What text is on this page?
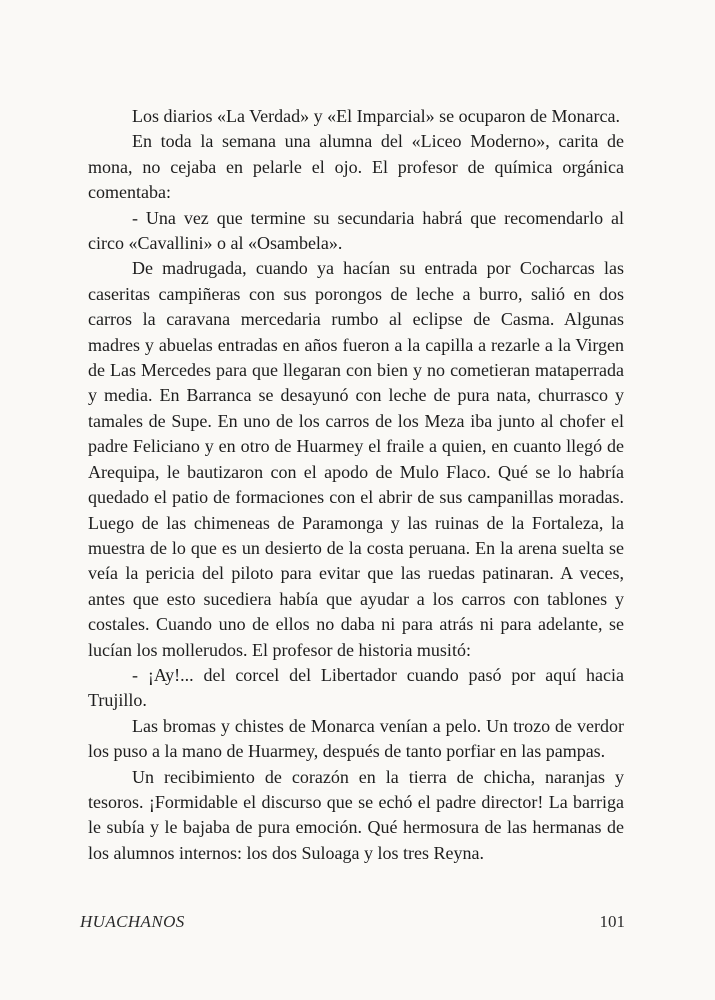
Los diarios «La Verdad» y «El Imparcial» se ocuparon de Monarca.

En toda la semana una alumna del «Liceo Moderno», carita de mona, no cejaba en pelarle el ojo. El profesor de química orgánica comentaba:

- Una vez que termine su secundaria habrá que recomendarlo al circo «Cavallini» o al «Osambela».

De madrugada, cuando ya hacían su entrada por Cocharcas las caseritas campiñeras con sus porongos de leche a burro, salió en dos carros la caravana mercedaria rumbo al eclipse de Casma. Algunas madres y abuelas entradas en años fueron a la capilla a rezarle a la Virgen de Las Mercedes para que llegaran con bien y no cometieran mataperrada y media. En Barranca se desayunó con leche de pura nata, churrasco y tamales de Supe. En uno de los carros de los Meza iba junto al chofer el padre Feliciano y en otro de Huarmey el fraile a quien, en cuanto llegó de Arequipa, le bautizaron con el apodo de Mulo Flaco. Qué se lo habría quedado el patio de formaciones con el abrir de sus campanillas moradas. Luego de las chimeneas de Paramonga y las ruinas de la Fortaleza, la muestra de lo que es un desierto de la costa peruana. En la arena suelta se veía la pericia del piloto para evitar que las ruedas patinaran. A veces, antes que esto sucediera había que ayudar a los carros con tablones y costales. Cuando uno de ellos no daba ni para atrás ni para adelante, se lucían los mollerudos. El profesor de historia musitó:

- ¡Ay!... del corcel del Libertador cuando pasó por aquí hacia Trujillo.

Las bromas y chistes de Monarca venían a pelo. Un trozo de verdor los puso a la mano de Huarmey, después de tanto porfiar en las pampas.

Un recibimiento de corazón en la tierra de chicha, naranjas y tesoros. ¡Formidable el discurso que se echó el padre director! La barriga le subía y le bajaba de pura emoción. Qué hermosura de las hermanas de los alumnos internos: los dos Suloaga y los tres Reyna.

HUACHANOS	101
